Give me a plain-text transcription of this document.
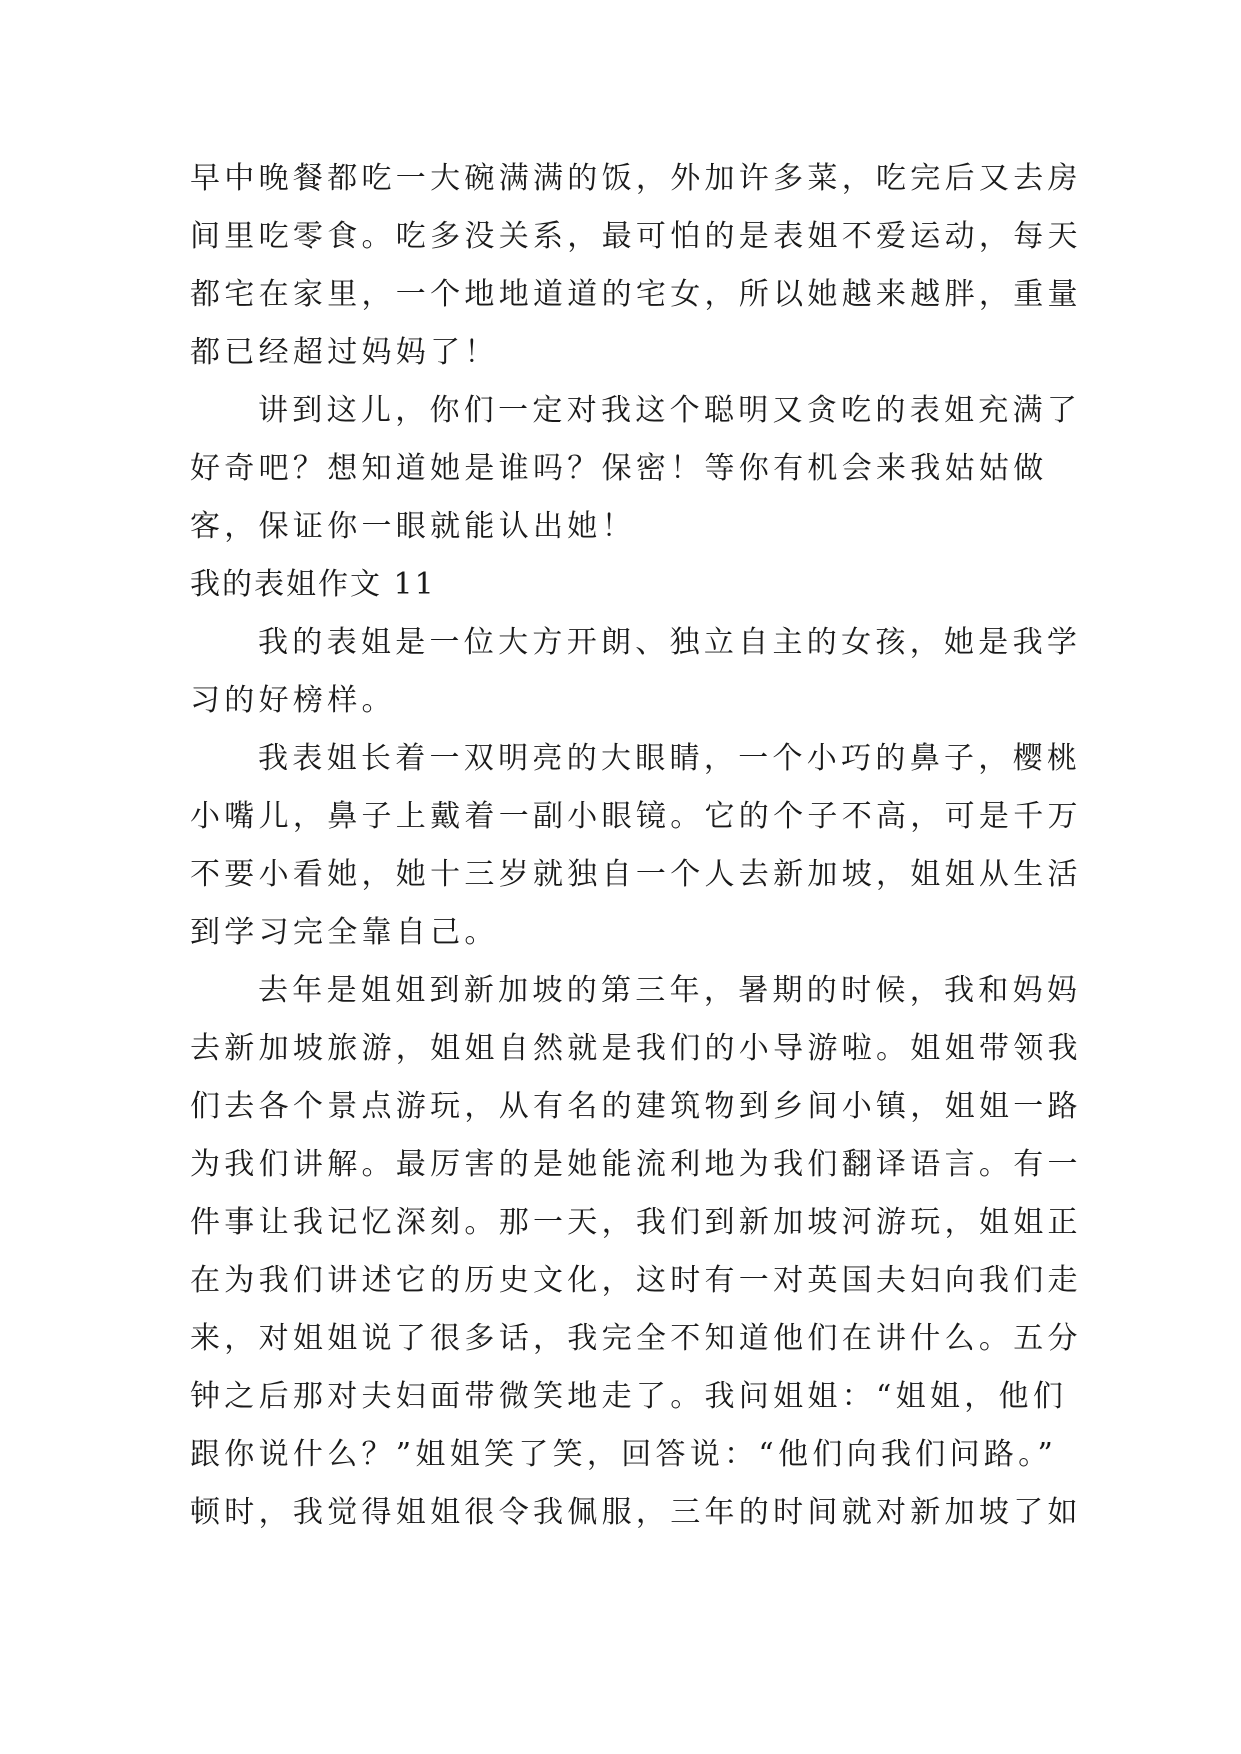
早中晚餐都吃一大碗满满的饭，外加许多菜，吃完后又去房
间里吃零食。吃多没关系，最可怕的是表姐不爱运动，每天
都宅在家里，一个地地道道的宅女，所以她越来越胖，重量
都已经超过妈妈了！
讲到这儿，你们一定对我这个聪明又贪吃的表姐充满了
好奇吧？想知道她是谁吗？保密！等你有机会来我姑姑做
客，保证你一眼就能认出她！
我的表姐作文 11
我的表姐是一位大方开朗、独立自主的女孩，她是我学
习的好榜样。
我表姐长着一双明亮的大眼睛，一个小巧的鼻子，樱桃
小嘴儿，鼻子上戴着一副小眼镜。它的个子不高，可是千万
不要小看她，她十三岁就独自一个人去新加坡，姐姐从生活
到学习完全靠自己。
去年是姐姐到新加坡的第三年，暑期的时候，我和妈妈
去新加坡旅游，姐姐自然就是我们的小导游啦。姐姐带领我
们去各个景点游玩，从有名的建筑物到乡间小镇，姐姐一路
为我们讲解。最厉害的是她能流利地为我们翻译语言。有一
件事让我记忆深刻。那一天，我们到新加坡河游玩，姐姐正
在为我们讲述它的历史文化，这时有一对英国夫妇向我们走
来，对姐姐说了很多话，我完全不知道他们在讲什么。五分
钟之后那对夫妇面带微笑地走了。我问姐姐：“姐姐，他们
跟你说什么？”姐姐笑了笑，回答说：“他们向我们问路。”
顿时，我觉得姐姐很令我佩服，三年的时间就对新加坡了如
